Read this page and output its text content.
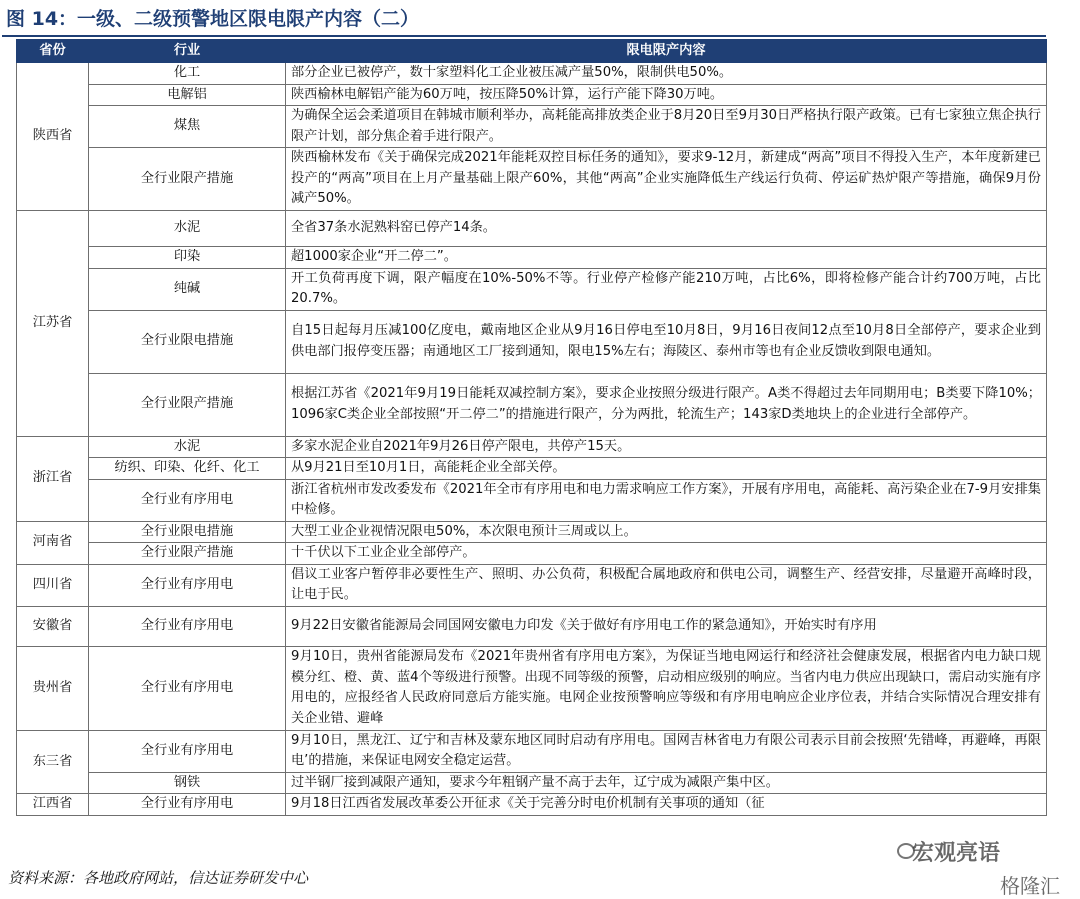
图 14：一级、二级预警地区限电限产内容（二）
省份	行业	限电限产内容
陕西省	化工	部分企业已被停产，数十家塑料化工企业被压减产量50%，限制供电50%。
	电解铝	陕西榆林电解铝产能为60万吨，按压降50%计算，运行产能下降30万吨。
	煤焦	为确保全运会柔道项目在韩城市顺利举办，高耗能高排放类企业于8月20日至9月30日严格执行限产政策。已有七家独立焦企执行限产计划，部分焦企着手进行限产。
	全行业限产措施	陕西榆林发布《关于确保完成2021年能耗双控目标任务的通知》，要求9-12月，新建成“两高”项目不得投入生产，本年度新建已投产的“两高”项目在上月产量基础上限产60%，其他“两高”企业实施降低生产线运行负荷、停运矿热炉限产等措施，确保9月份减产50%。
江苏省	水泥	全省37条水泥熟料窑已停产14条。
	印染	超1000家企业“开二停二”。
	纯碱	开工负荷再度下调，限产幅度在10%-50%不等。行业停产检修产能210万吨，占比6%，即将检修产能合计约700万吨，占比20.7%。
	全行业限电措施	自15日起每月压减100亿度电，戴南地区企业从9月16日停电至10月8日，9月16日夜间12点至10月8日全部停产，要求企业到供电部门报停变压器；南通地区工厂接到通知，限电15%左右；海陵区、泰州市等也有企业反馈收到限电通知。
	全行业限产措施	根据江苏省《2021年9月19日能耗双减控制方案》，要求企业按照分级进行限产。A类不得超过去年同期用电；B类要下降10%；1096家C类企业全部按照“开二停二”的措施进行限产，分为两批，轮流生产；143家D类地块上的企业进行全部停产。
浙江省	水泥	多家水泥企业自2021年9月26日停产限电，共停产15天。
	纺织、印染、化纤、化工	从9月21日至10月1日，高能耗企业全部关停。
	全行业有序用电	浙江省杭州市发改委发布《2021年全市有序用电和电力需求响应工作方案》，开展有序用电，高能耗、高污染企业在7-9月安排集中检修。
河南省	全行业限电措施	大型工业企业视情况限电50%，本次限电预计三周或以上。
	全行业限产措施	十千伏以下工业企业全部停产。
四川省	全行业有序用电	倡议工业客户暂停非必要性生产、照明、办公负荷，积极配合属地政府和供电公司，调整生产、经营安排，尽量避开高峰时段，让电于民。
安徽省	全行业有序用电	9月22日安徽省能源局会同国网安徽电力印发《关于做好有序用电工作的紧急通知》，开始实时有序用
贵州省	全行业有序用电	9月10日，贵州省能源局发布《2021年贵州省有序用电方案》，为保证当地电网运行和经济社会健康发展，根据省内电力缺口规模分红、橙、黄、蓝4个等级进行预警。出现不同等级的预警，启动相应级别的响应。当省内电力供应出现缺口，需启动实施有序用电的，应报经省人民政府同意后方能实施。电网企业按预警响应等级和有序用电响应企业序位表，并结合实际情况合理安排有关企业错、避峰
东三省	全行业有序用电	9月10日，黑龙江、辽宁和吉林及蒙东地区同时启动有序用电。国网吉林省电力有限公司表示目前会按照‘先错峰，再避峰，再限电’的措施，来保证电网安全稳定运营。
	钢铁	过半钢厂接到减限产通知，要求今年粗钢产量不高于去年，辽宁成为减限产集中区。
江西省	全行业有序用电	9月18日江西省发展改革委公开征求《关于完善分时电价机制有关事项的通知（征
资料来源：各地政府网站，信达证券研发中心
宏观亮语
格隆汇
